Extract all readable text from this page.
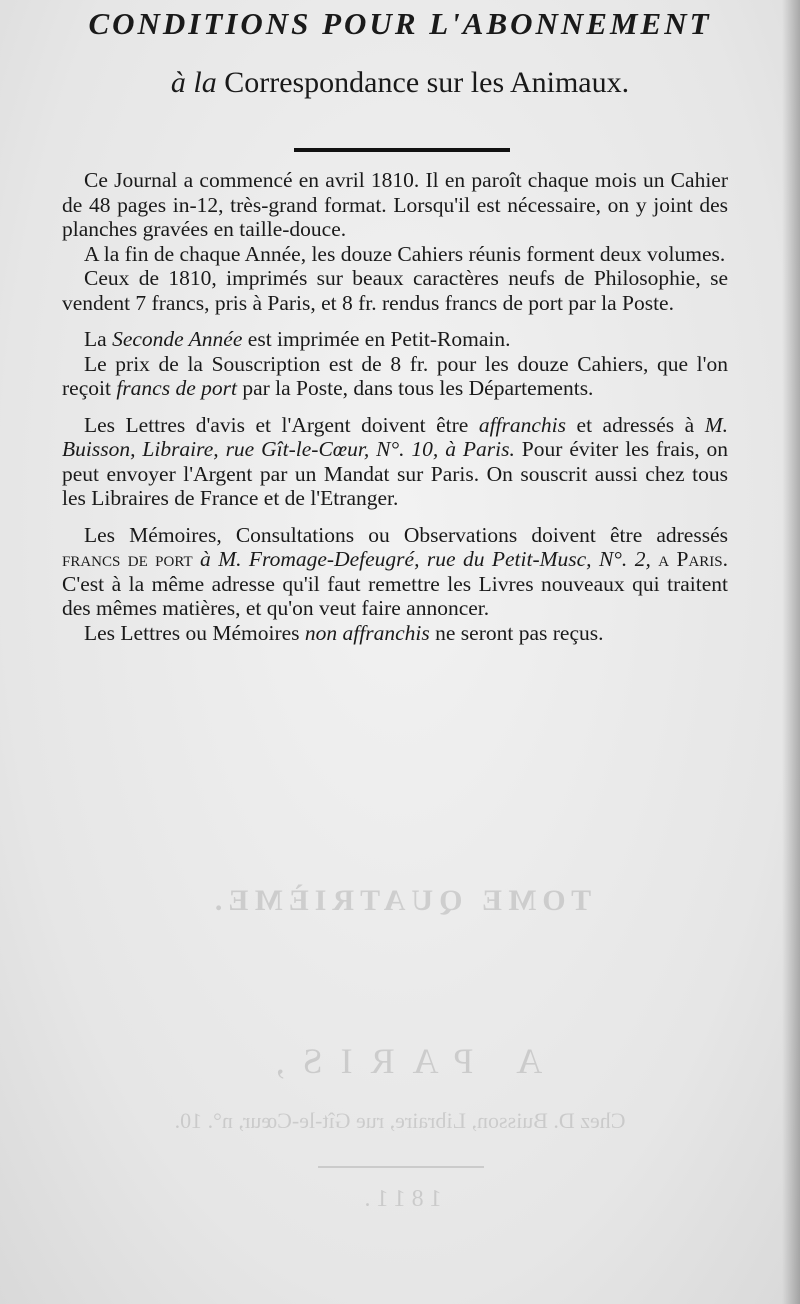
TOME QUATRIÈME.
A PARIS,
Chez D. Buisson, Libraire, rue Gît-le-Cœur, n°. 10.
1811.
CONDITIONS POUR L'ABONNEMENT
à la Correspondance sur les Animaux.

Ce Journal a commencé en avril 1810. Il en paroît chaque mois un Cahier de 48 pages in-12, très-grand format. Lorsqu'il est nécessaire, on y joint des planches gravées en taille-douce.

A la fin de chaque Année, les douze Cahiers réunis forment deux volumes.

Ceux de 1810, imprimés sur beaux caractères neufs de Philosophie, se vendent 7 francs, pris à Paris, et 8 fr. rendus francs de port par la Poste.

La Seconde Année est imprimée en Petit-Romain.

Le prix de la Souscription est de 8 fr. pour les douze Cahiers, que l'on reçoit francs de port par la Poste, dans tous les Départements.

Les Lettres d'avis et l'Argent doivent être affranchis et adressés à M. Buisson, Libraire, rue Gît-le-Cœur, N°. 10, à Paris. Pour éviter les frais, on peut envoyer l'Argent par un Mandat sur Paris. On souscrit aussi chez tous les Libraires de France et de l'Etranger.

Les Mémoires, Consultations ou Observations doivent être adressés francs de port à M. Fromage-Defeugré, rue du Petit-Musc, N°. 2, a Paris. C'est à la même adresse qu'il faut remettre les Livres nouveaux qui traitent des mêmes matières, et qu'on veut faire annoncer.

Les Lettres ou Mémoires non affranchis ne seront pas reçus.
